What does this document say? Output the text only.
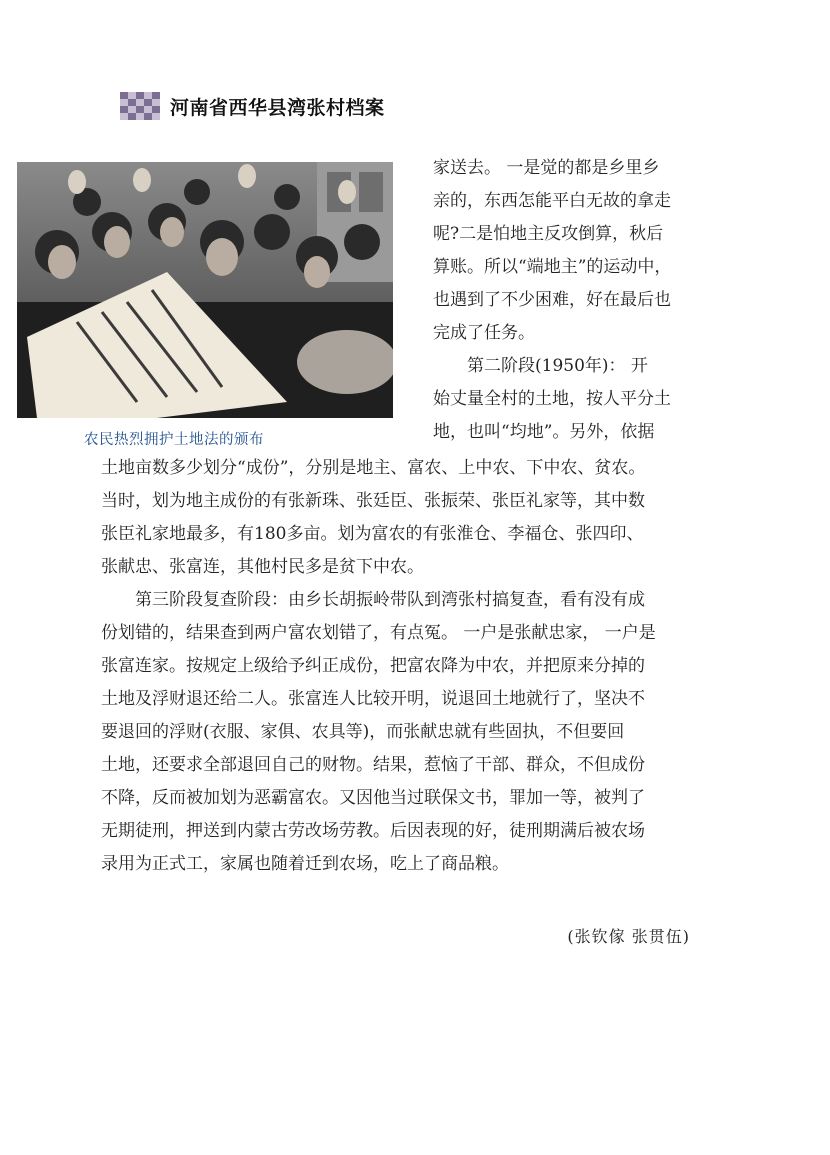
河南省西华县湾张村档案
农民热烈拥护土地法的颁布
家送去。 一是觉的都是乡里乡
亲的，东西怎能平白无故的拿走
呢?二是怕地主反攻倒算，秋后
算账。所以“端地主”的运动中，
也遇到了不少困难，好在最后也
完成了任务。
第二阶段(1950年)： 开
始丈量全村的土地，按人平分土
地，也叫“均地”。另外，依据
土地亩数多少划分“成份”，分别是地主、富农、上中农、下中农、贫农。
当时，划为地主成份的有张新珠、张廷臣、张振荣、张臣礼家等，其中数
张臣礼家地最多，有180多亩。划为富农的有张淮仓、李福仓、张四印、
张献忠、张富连，其他村民多是贫下中农。
第三阶段复查阶段：由乡长胡振岭带队到湾张村搞复查，看有没有成
份划错的，结果查到两户富农划错了，有点冤。 一户是张献忠家， 一户是
张富连家。按规定上级给予纠正成份，把富农降为中农，并把原来分掉的
土地及浮财退还给二人。张富连人比较开明，说退回土地就行了，坚决不
要退回的浮财(衣服、家俱、农具等)，而张献忠就有些固执，不但要回
土地，还要求全部退回自己的财物。结果，惹恼了干部、群众，不但成份
不降，反而被加划为恶霸富农。又因他当过联保文书，罪加一等，被判了
无期徒刑，押送到内蒙古劳改场劳教。后因表现的好，徒刑期满后被农场
录用为正式工，家属也随着迁到农场，吃上了商品粮。
(张钦傢 张贯伍)
